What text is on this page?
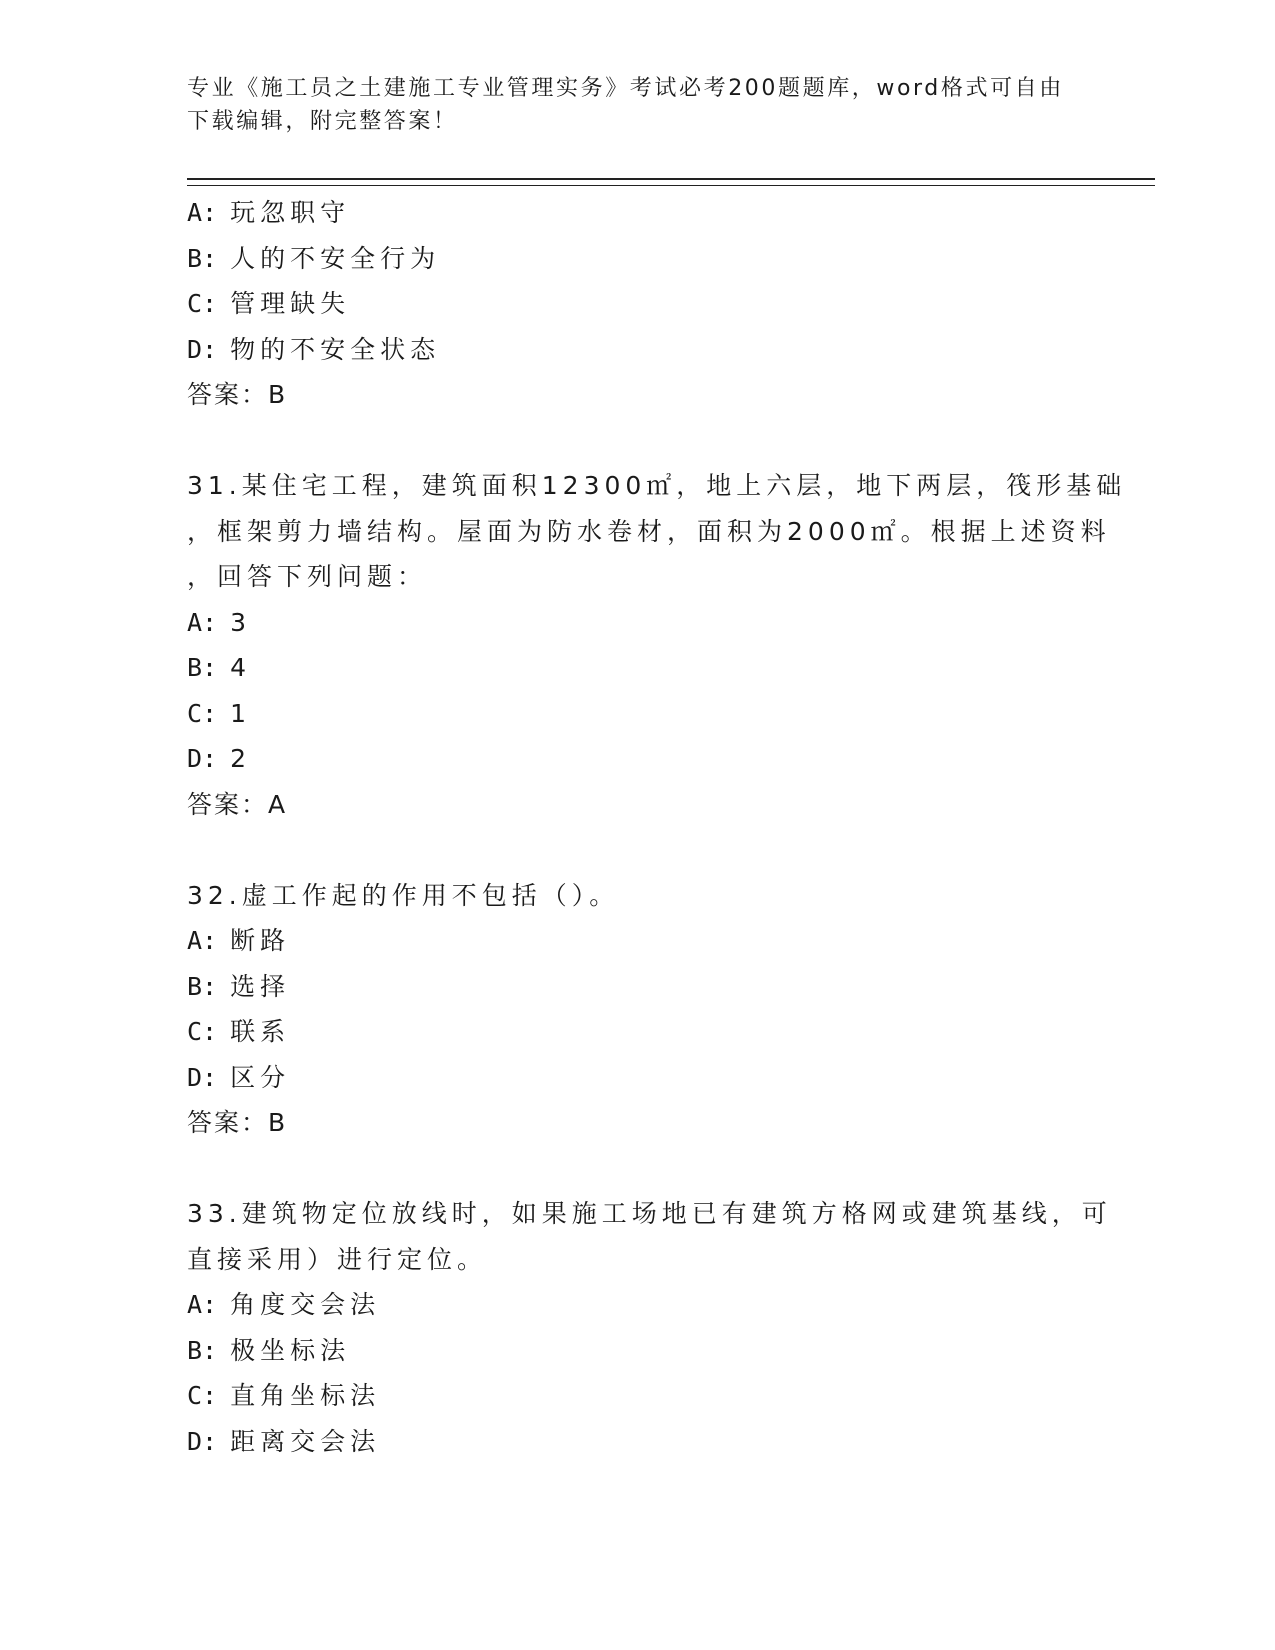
专业《施工员之土建施工专业管理实务》考试必考200题题库，word格式可自由下载编辑，附完整答案！
A: 玩忽职守
B: 人的不安全行为
C: 管理缺失
D: 物的不安全状态
答案：B
31.某住宅工程，建筑面积12300㎡，地上六层，地下两层，筏形基础
，框架剪力墙结构。屋面为防水卷材，面积为2000㎡。根据上述资料
，回答下列问题：
A: 3
B: 4
C: 1
D: 2
答案：A
32.虚工作起的作用不包括（）。
A: 断路
B: 选择
C: 联系
D: 区分
答案：B
33.建筑物定位放线时，如果施工场地已有建筑方格网或建筑基线，可
直接采用）进行定位。
A: 角度交会法
B: 极坐标法
C: 直角坐标法
D: 距离交会法
